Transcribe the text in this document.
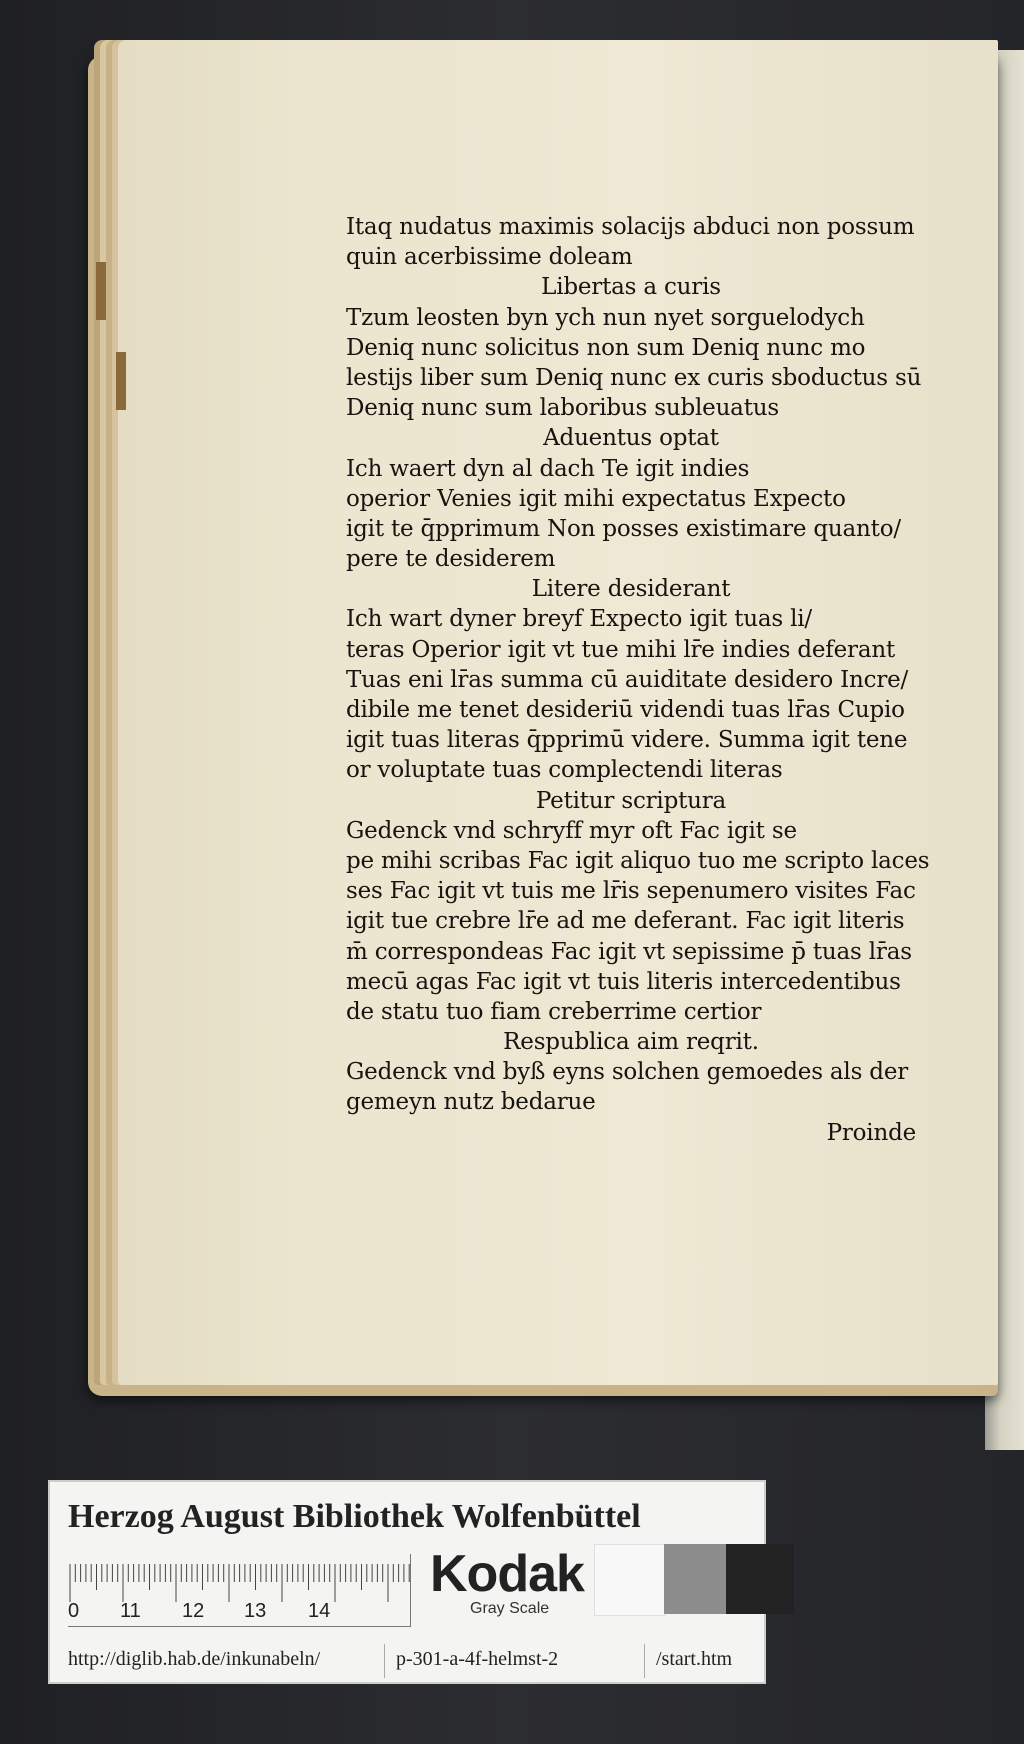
Itaq nudatus maximis solacijs abduci non possum
quin acerbissime doleam
Libertas a curis
Tzum leosten byn ych nun nyet sorguelodych
Deniq nunc solicitus non sum Deniq nunc mo
lestijs liber sum Deniq nunc ex curis sboductus sū
Deniq nunc sum laboribus subleuatus
Aduentus optat
Ich waert dyn al dach Te igit indies
operior Venies igit mihi expectatus Expecto
igit te q̄pprimum Non posses existimare quanto/
pere te desiderem
Litere desiderant
Ich wart dyner breyf Expecto igit tuas li/
teras Operior igit vt tue mihi lr̄e indies deferant
Tuas eni lr̄as summa cū auiditate desidero Incre/
dibile me tenet desideriū videndi tuas lr̄as Cupio
igit tuas literas q̄pprimū videre. Summa igit tene
or voluptate tuas complectendi literas
Petitur scriptura
Gedenck vnd schryff myr oft Fac igit se
pe mihi scribas Fac igit aliquo tuo me scripto laces
ses Fac igit vt tuis me lr̄is sepenumero visites Fac
igit tue crebre lr̄e ad me deferant. Fac igit literis
m̄ correspondeas Fac igit vt sepissime p̄ tuas lr̄as
mecū agas Fac igit vt tuis literis intercedentibus
de statu tuo fiam creberrime certior
Respublica aim reqrit.
Gedenck vnd byß eyns solchen gemoedes als der
gemeyn nutz bedarue
Proinde
Herzog August Bibliothek Wolfenbüttel
0 11 12 13 14
Kodak
Gray Scale
http://diglib.hab.de/inkunabeln/	p-301-a-4f-helmst-2	/start.htm
